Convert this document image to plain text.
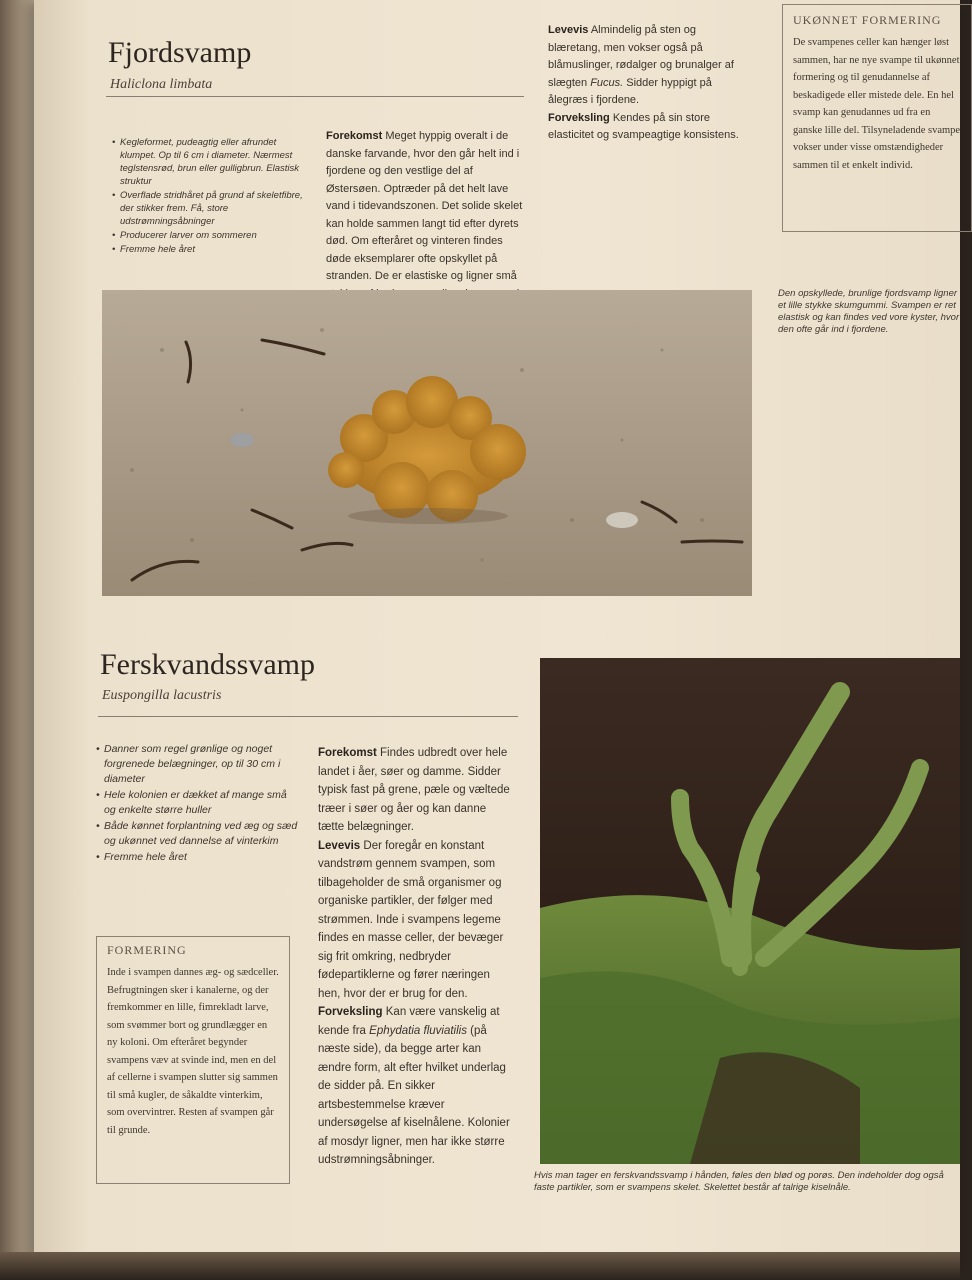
Fjordsvamp
Haliclona limbata
• Kegleformet, pudeagtig eller afrundet klumpet. Op til 6 cm i diameter. Nærmest teglstensrød, brun eller gulligbrun. Elastisk struktur
• Overflade stridhåret på grund af skeletfibre, der stikker frem. Få, store udstrømningsåbninger
• Producerer larver om sommeren
• Fremme hele året

Forekomst Meget hyppig overalt i de danske farvande, hvor den går helt ind i fjordene og den vestlige del af Østersøen. Optræder på det helt lave vand i tidevandszonen. Det solide skelet kan holde sammen langt tid efter dyrets død. Om efteråret og vinteren findes døde eksemplarer ofte opskyllet på stranden. De er elastiske og ligner små

Levevis Almindelig på sten og blæretang, men vokser også på blåmuslinger, rødalger og brunalger af slægten Fucus. Sidder hyppigt på ålegræs i fjordene.

Forveksling Kendes på sin store elasticitet og svampeagtige konsistens.

UKØNNET FORMERING
De svampenes celler kan hænger løst sammen, har ne nye svampe til ukønnet formering og til genudannelse af beskadigede eller mistede dele. En hel svamp kan genudannes ud fra en ganske lille del. Tilsyneladende svampe vokser under visse omstændigheder sammen til et enkelt individ.
Den opskyllede, brunlige fjordsvamp ligner et lille stykke skumgummi. Svampen er ret elastisk og kan findes ved vore kyster, hvor den ofte går ind i fjordene.
Ferskvandssvamp
Euspongilla lacustris
• Danner som regel grønlige og noget forgrenede belægninger, op til 30 cm i diameter
• Hele kolonien er dækket af mange små og enkelte større huller
• Både kønnet forplantning ved æg og sæd og ukønnet ved dannelse af vinterkim
• Fremme hele året
FORMERING
Inde i svampen dannes æg- og sædceller. Befrugtningen sker i kanalerne, og der fremkommer en lille, fimrekladt larve, som svømmer bort og grundlægger en ny koloni. Om efteråret begynder svampens væv at svinde ind, men en del af cellerne i svampen slutter sig sammen til små kugler, de såkaldte vinterkim, som overvintrer. Resten af svampen går til grunde.

Forekomst Findes udbredt over hele landet i åer, søer og damme. Sidder typisk fast på grene, pæle og væltede træer i søer og åer og kan danne tætte belægninger.

Levevis Der foregår en konstant vandstrøm gennem svampen, som tilbageholder de små organismer og organiske partikler, der følger med strømmen. Inde i svampens legeme findes en masse celler, der bevæger sig frit omkring, nedbryder fødepartiklerne og fører næringen hen, hvor der er brug for den.

Forveksling Kan være vanskelig at kende fra Ephydatia fluviatilis (på næste side), da begge arter kan ændre form, alt efter hvilket underlag de sidder på. En sikker artsbestemmelse kræver undersøgelse af kiselnålene. Kolonier af mosdyr ligner, men har ikke større udstrømningsåbninger.

Hvis man tager en ferskvandssvamp i hånden, føles den blød og porøs. Den indeholder dog også faste partikler, som er svampens skelet. Skelettet består af talrige kiselnåle.
